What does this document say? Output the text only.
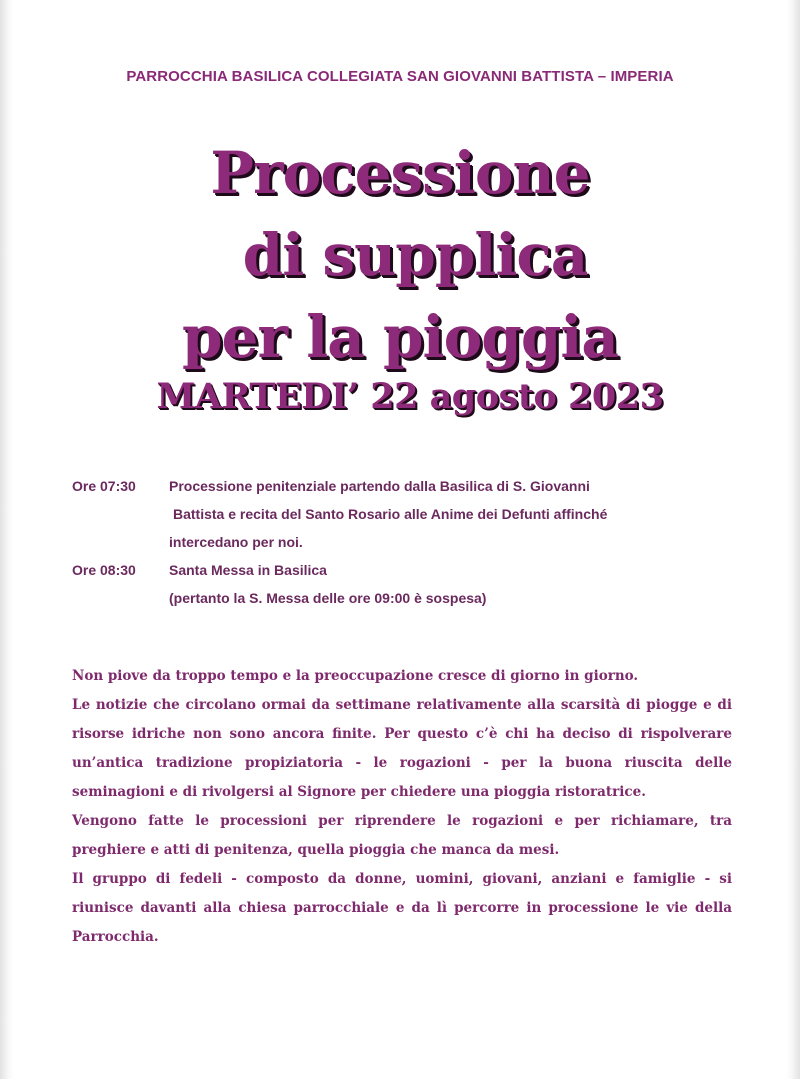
PARROCCHIA BASILICA COLLEGIATA SAN GIOVANNI BATTISTA – IMPERIA
Processione
di supplica
per la pioggia
MARTEDI’ 22 agosto 2023
Ore 07:30	Processione penitenziale partendo dalla Basilica di S. Giovanni
Battista e recita del Santo Rosario alle Anime dei Defunti affinché
intercedano per noi.
Ore 08:30	Santa Messa in Basilica
(pertanto la S. Messa delle ore 09:00 è sospesa)

Non piove da troppo tempo e la preoccupazione cresce di giorno in giorno.

Le notizie che circolano ormai da settimane relativamente alla scarsità di piogge e di risorse idriche non sono ancora finite. Per questo c’è chi ha deciso di rispolverare un’antica tradizione propiziatoria - le rogazioni - per la buona riuscita delle seminagioni e di rivolgersi al Signore per chiedere una pioggia ristoratrice.

Vengono fatte le processioni per riprendere le rogazioni e per richiamare, tra preghiere e atti di penitenza, quella pioggia che manca da mesi.

Il gruppo di fedeli - composto da donne, uomini, giovani, anziani e famiglie - si riunisce davanti alla chiesa parrocchiale e da lì percorre in processione le vie della Parrocchia.
